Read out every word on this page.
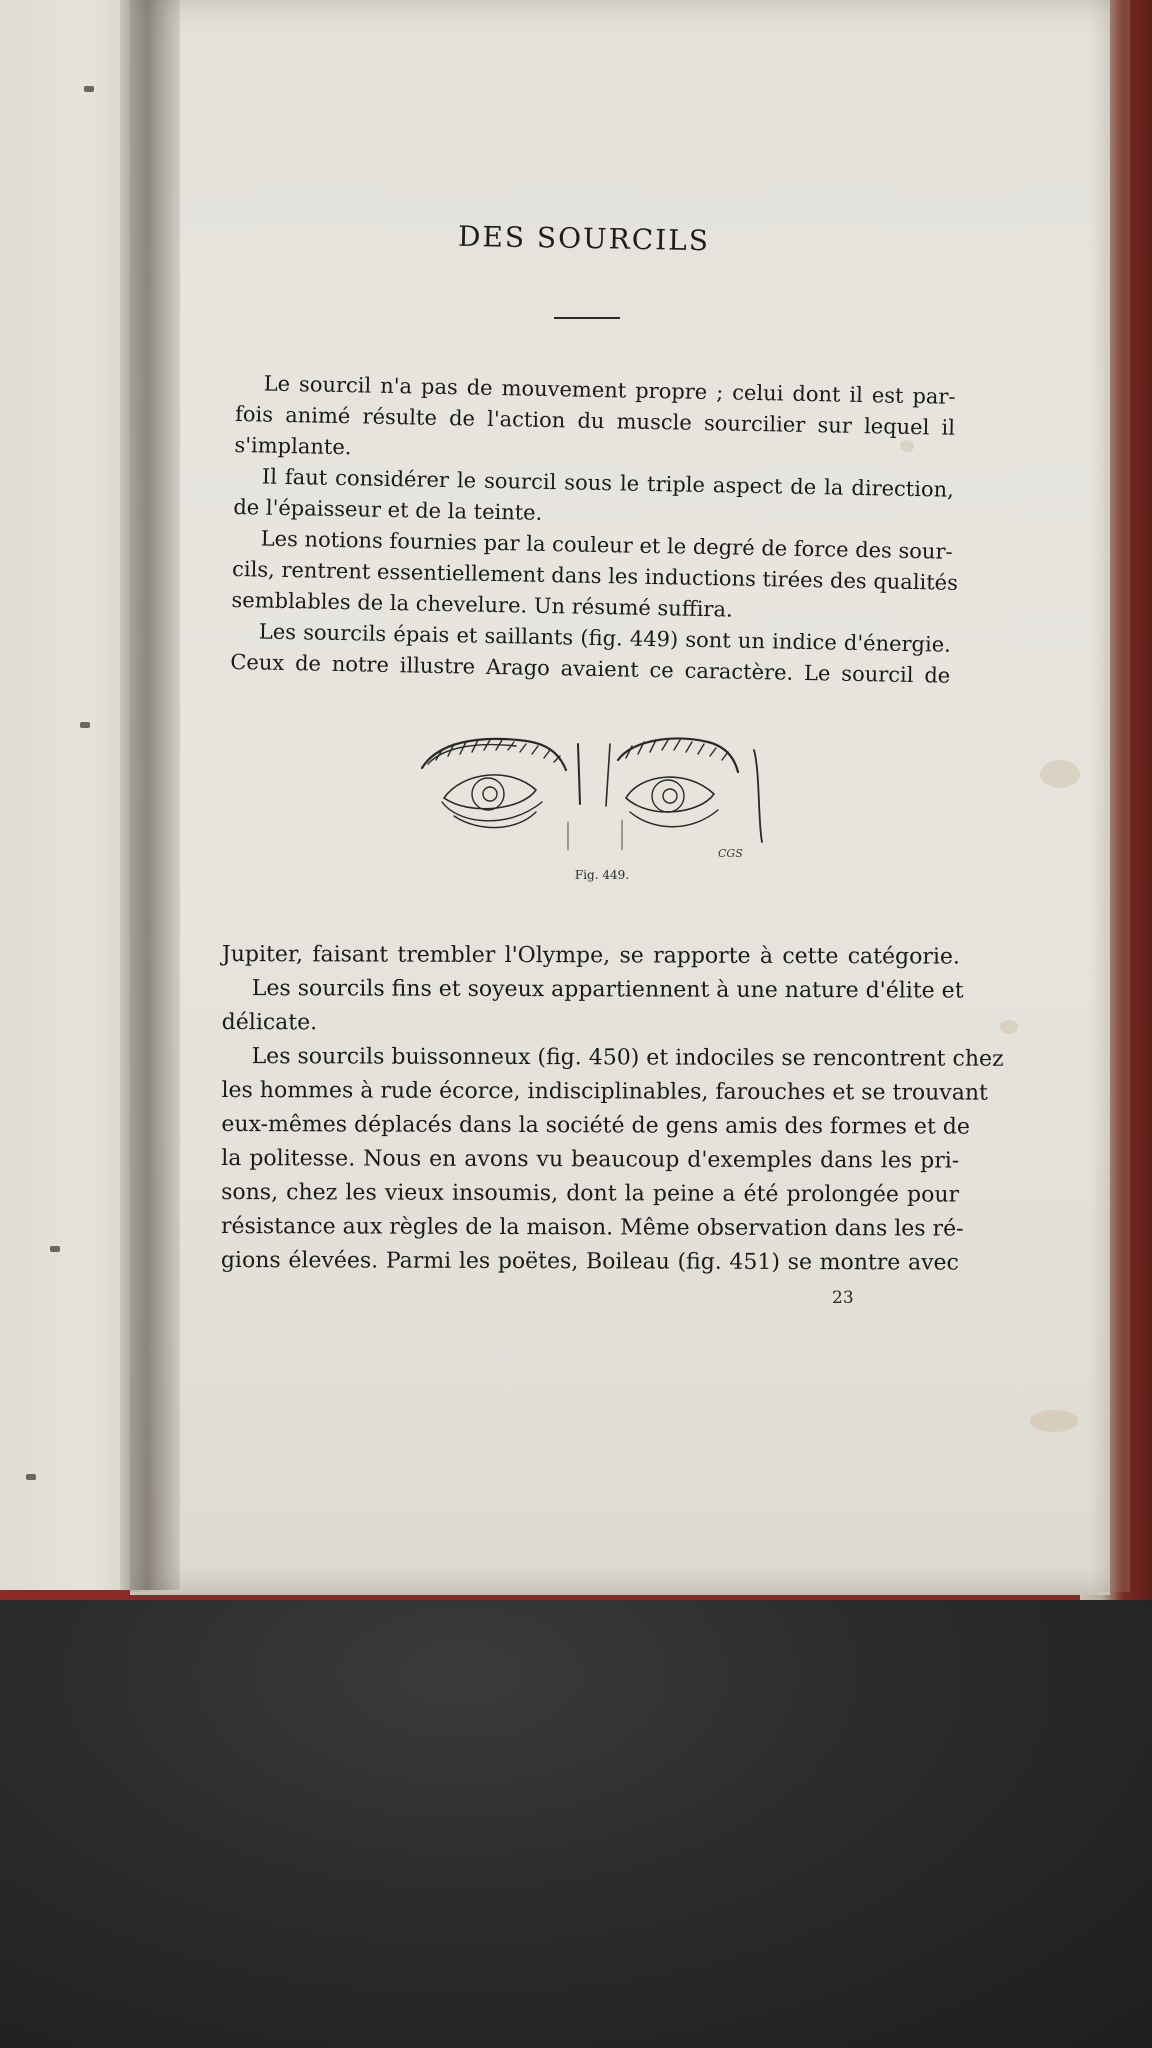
DES SOURCILS
Le sourcil n'a pas de mouvement propre ; celui dont il est par-
fois animé résulte de l'action du muscle sourcilier sur lequel il
s'implante.
Il faut considérer le sourcil sous le triple aspect de la direction,
de l'épaisseur et de la teinte.
Les notions fournies par la couleur et le degré de force des sour-
cils, rentrent essentiellement dans les inductions tirées des qualités
semblables de la chevelure. Un résumé suffira.
Les sourcils épais et saillants (fig. 449) sont un indice d'énergie.
Ceux de notre illustre Arago avaient ce caractère. Le sourcil de
CGS
Fig. 449.
Jupiter, faisant trembler l'Olympe, se rapporte à cette catégorie.
Les sourcils fins et soyeux appartiennent à une nature d'élite et
délicate.
Les sourcils buissonneux (fig. 450) et indociles se rencontrent chez
les hommes à rude écorce, indisciplinables, farouches et se trouvant
eux-mêmes déplacés dans la société de gens amis des formes et de
la politesse. Nous en avons vu beaucoup d'exemples dans les pri-
sons, chez les vieux insoumis, dont la peine a été prolongée pour
résistance aux règles de la maison. Même observation dans les ré-
gions élevées. Parmi les poëtes, Boileau (fig. 451) se montre avec
23
